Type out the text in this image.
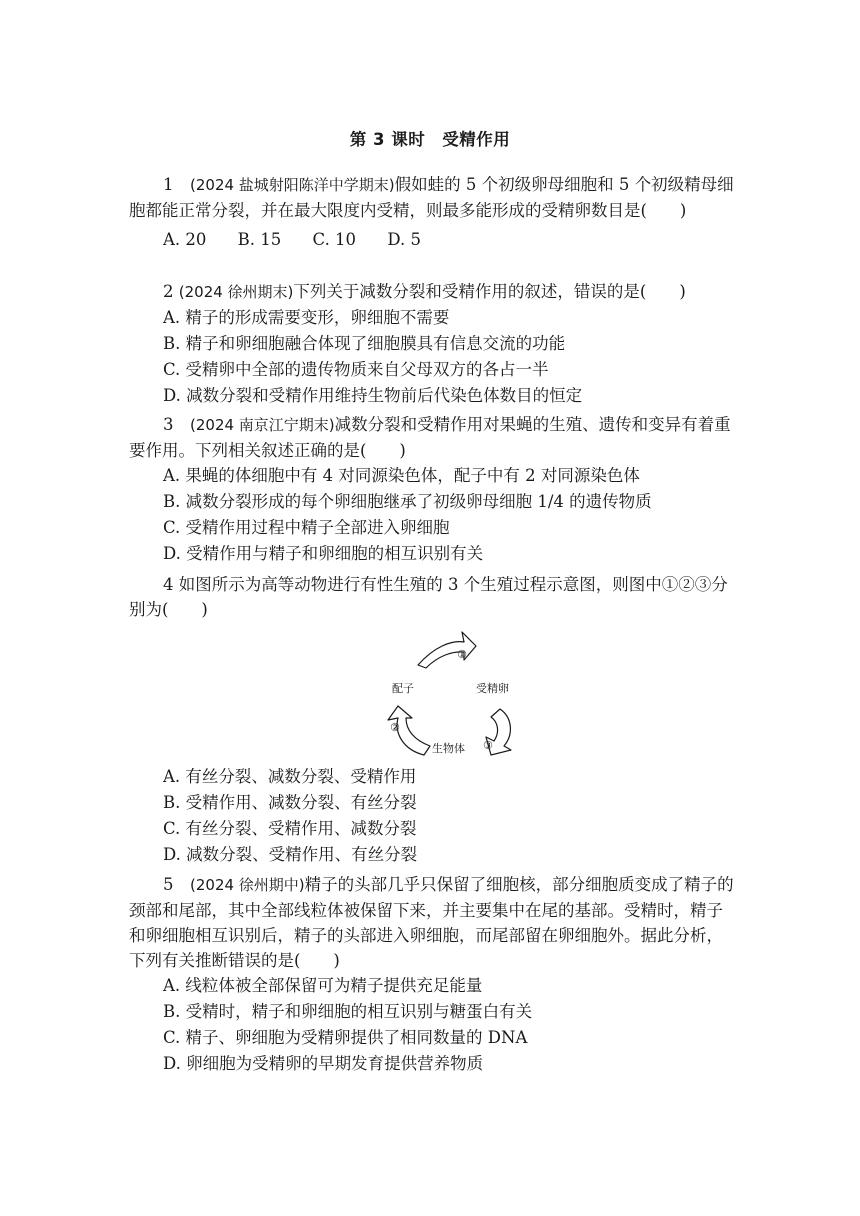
第 3 课时　受精作用

1　(2024 盐城射阳陈洋中学期末)假如蛙的 5 个初级卵母细胞和 5 个初级精母细胞都能正常分裂，并在最大限度内受精，则最多能形成的受精卵数目是(　　)

A. 20 B. 15 C. 10 D. 5

2 (2024 徐州期末)下列关于减数分裂和受精作用的叙述，错误的是(　　)

A. 精子的形成需要变形，卵细胞不需要

B. 精子和卵细胞融合体现了细胞膜具有信息交流的功能

C. 受精卵中全部的遗传物质来自父母双方的各占一半

D. 减数分裂和受精作用维持生物前后代染色体数目的恒定

3　(2024 南京江宁期末)减数分裂和受精作用对果蝇的生殖、遗传和变异有着重要作用。下列相关叙述正确的是(　　)

A. 果蝇的体细胞中有 4 对同源染色体，配子中有 2 对同源染色体

B. 减数分裂形成的每个卵细胞继承了初级卵母细胞 1/4 的遗传物质

C. 受精作用过程中精子全部进入卵细胞

D. 受精作用与精子和卵细胞的相互识别有关

4 如图所示为高等动物进行有性生殖的 3 个生殖过程示意图，则图中①②③分别为(　　)

①
②
③
配子	受精卵
生物体

A. 有丝分裂、减数分裂、受精作用

B. 受精作用、减数分裂、有丝分裂

C. 有丝分裂、受精作用、减数分裂

D. 减数分裂、受精作用、有丝分裂

5　(2024 徐州期中)精子的头部几乎只保留了细胞核，部分细胞质变成了精子的颈部和尾部，其中全部线粒体被保留下来，并主要集中在尾的基部。受精时，精子和卵细胞相互识别后，精子的头部进入卵细胞，而尾部留在卵细胞外。据此分析，下列有关推断错误的是(　　)

A. 线粒体被全部保留可为精子提供充足能量

B. 受精时，精子和卵细胞的相互识别与糖蛋白有关

C. 精子、卵细胞为受精卵提供了相同数量的 DNA

D. 卵细胞为受精卵的早期发育提供营养物质
